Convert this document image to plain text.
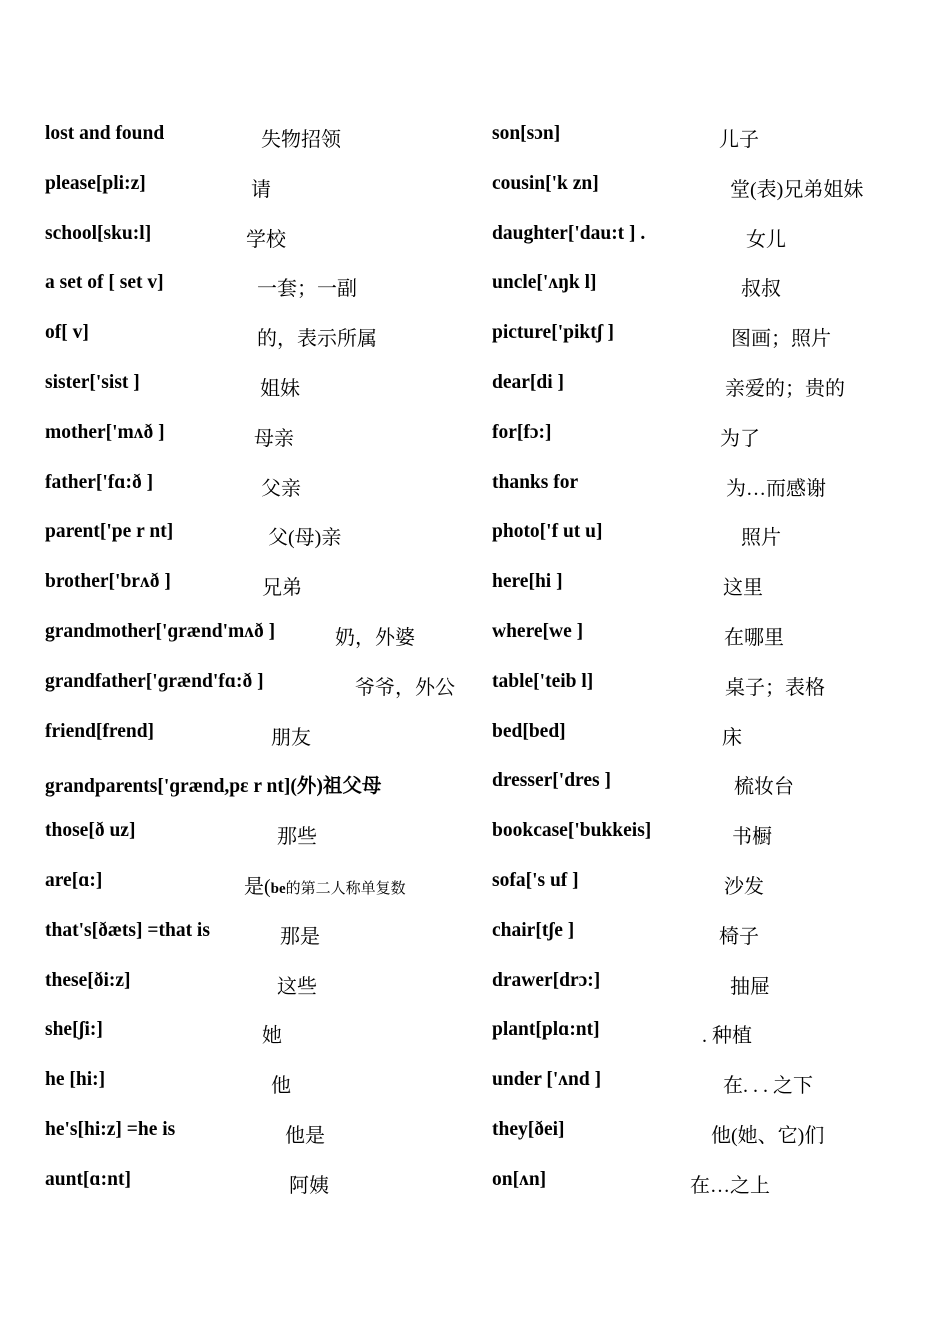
lost and found	失物招领
please[pli:z]	请
school[sku:l]	学校
a set of [ set v]	一套；一副
of[ v]	的，表示所属
sister['sist ]	姐妹
mother['mʌð ]	母亲
father['fɑ:ð ]	父亲
parent['pe r nt]	父(母)亲
brother['brʌð ]	兄弟
grandmother['ɡrænd'mʌð ]	奶，外婆
grandfather['ɡrænd'fɑ:ð ]	爷爷，外公
friend[frend]	朋友
grandparents['ɡrænd,pε r nt](外)祖父母
those[ð uz]	那些
are[ɑ:]	是(be的第二人称单复数
that's[ðæts] =that is	那是
these[ði:z]	这些
she[ʃi:]	她
he [hi:]	他
he's[hi:z] =he is	他是
aunt[ɑ:nt]	阿姨
son[sɔn]	儿子
cousin['k zn]	堂(表)兄弟姐妹
daughter['dau:t ] .	女儿
uncle['ʌŋk l]	叔叔
picture['piktʃ ]	图画；照片
dear[di ]	亲爱的；贵的
for[fɔ:]	为了
thanks for	为…而感谢
photo['f ut u]	照片
here[hi ]	这里
where[we ]	在哪里
table['teib l]	桌子；表格
bed[bed]	床
dresser['dres ]	梳妆台
bookcase['bukkeis]	书橱
sofa['s uf ]	沙发
chair[tʃe ]	椅子
drawer[drɔ:]	抽屉
plant[plɑ:nt]	. 种植
under ['ʌnd ]	在. . . 之下
they[ðei]	他(她、它)们
on[ʌn]	在…之上
